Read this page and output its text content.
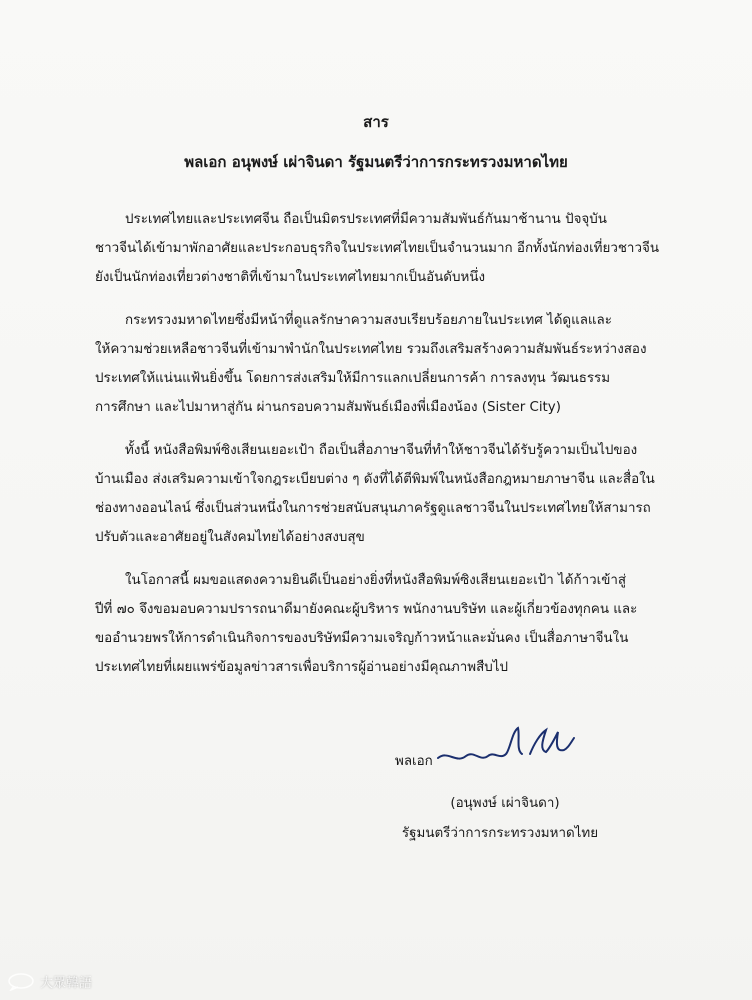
สาร
พลเอก อนุพงษ์ เผ่าจินดา รัฐมนตรีว่าการกระทรวงมหาดไทย

ประเทศไทยและประเทศจีน ถือเป็นมิตรประเทศที่มีความสัมพันธ์กันมาช้านาน ปัจจุบัน
ชาวจีนได้เข้ามาพักอาศัยและประกอบธุรกิจในประเทศไทยเป็นจำนวนมาก อีกทั้งนักท่องเที่ยวชาวจีน
ยังเป็นนักท่องเที่ยวต่างชาติที่เข้ามาในประเทศไทยมากเป็นอันดับหนึ่ง

กระทรวงมหาดไทยซึ่งมีหน้าที่ดูแลรักษาความสงบเรียบร้อยภายในประเทศ ได้ดูแลและ
ให้ความช่วยเหลือชาวจีนที่เข้ามาพำนักในประเทศไทย รวมถึงเสริมสร้างความสัมพันธ์ระหว่างสอง
ประเทศให้แน่นแฟ้นยิ่งขึ้น โดยการส่งเสริมให้มีการแลกเปลี่ยนการค้า การลงทุน วัฒนธรรม
การศึกษา และไปมาหาสู่กัน ผ่านกรอบความสัมพันธ์เมืองพี่เมืองน้อง (Sister City)

ทั้งนี้ หนังสือพิมพ์ซิงเสียนเยอะเป้า ถือเป็นสื่อภาษาจีนที่ทำให้ชาวจีนได้รับรู้ความเป็นไปของ
บ้านเมือง ส่งเสริมความเข้าใจกฎระเบียบต่าง ๆ ดังที่ได้ตีพิมพ์ในหนังสือกฎหมายภาษาจีน และสื่อใน
ช่องทางออนไลน์ ซึ่งเป็นส่วนหนึ่งในการช่วยสนับสนุนภาครัฐดูแลชาวจีนในประเทศไทยให้สามารถ
ปรับตัวและอาศัยอยู่ในสังคมไทยได้อย่างสงบสุข

ในโอกาสนี้ ผมขอแสดงความยินดีเป็นอย่างยิ่งที่หนังสือพิมพ์ซิงเสียนเยอะเป้า ได้ก้าวเข้าสู่
ปีที่ ๗๐ จึงขอมอบความปรารถนาดีมายังคณะผู้บริหาร พนักงานบริษัท และผู้เกี่ยวข้องทุกคน และ
ขออำนวยพรให้การดำเนินกิจการของบริษัทมีความเจริญก้าวหน้าและมั่นคง เป็นสื่อภาษาจีนใน
ประเทศไทยที่เผยแพร่ข้อมูลข่าวสารเพื่อบริการผู้อ่านอย่างมีคุณภาพสืบไป

พลเอก
(อนุพงษ์ เผ่าจินดา)
รัฐมนตรีว่าการกระทรวงมหาดไทย
大眾韓語
